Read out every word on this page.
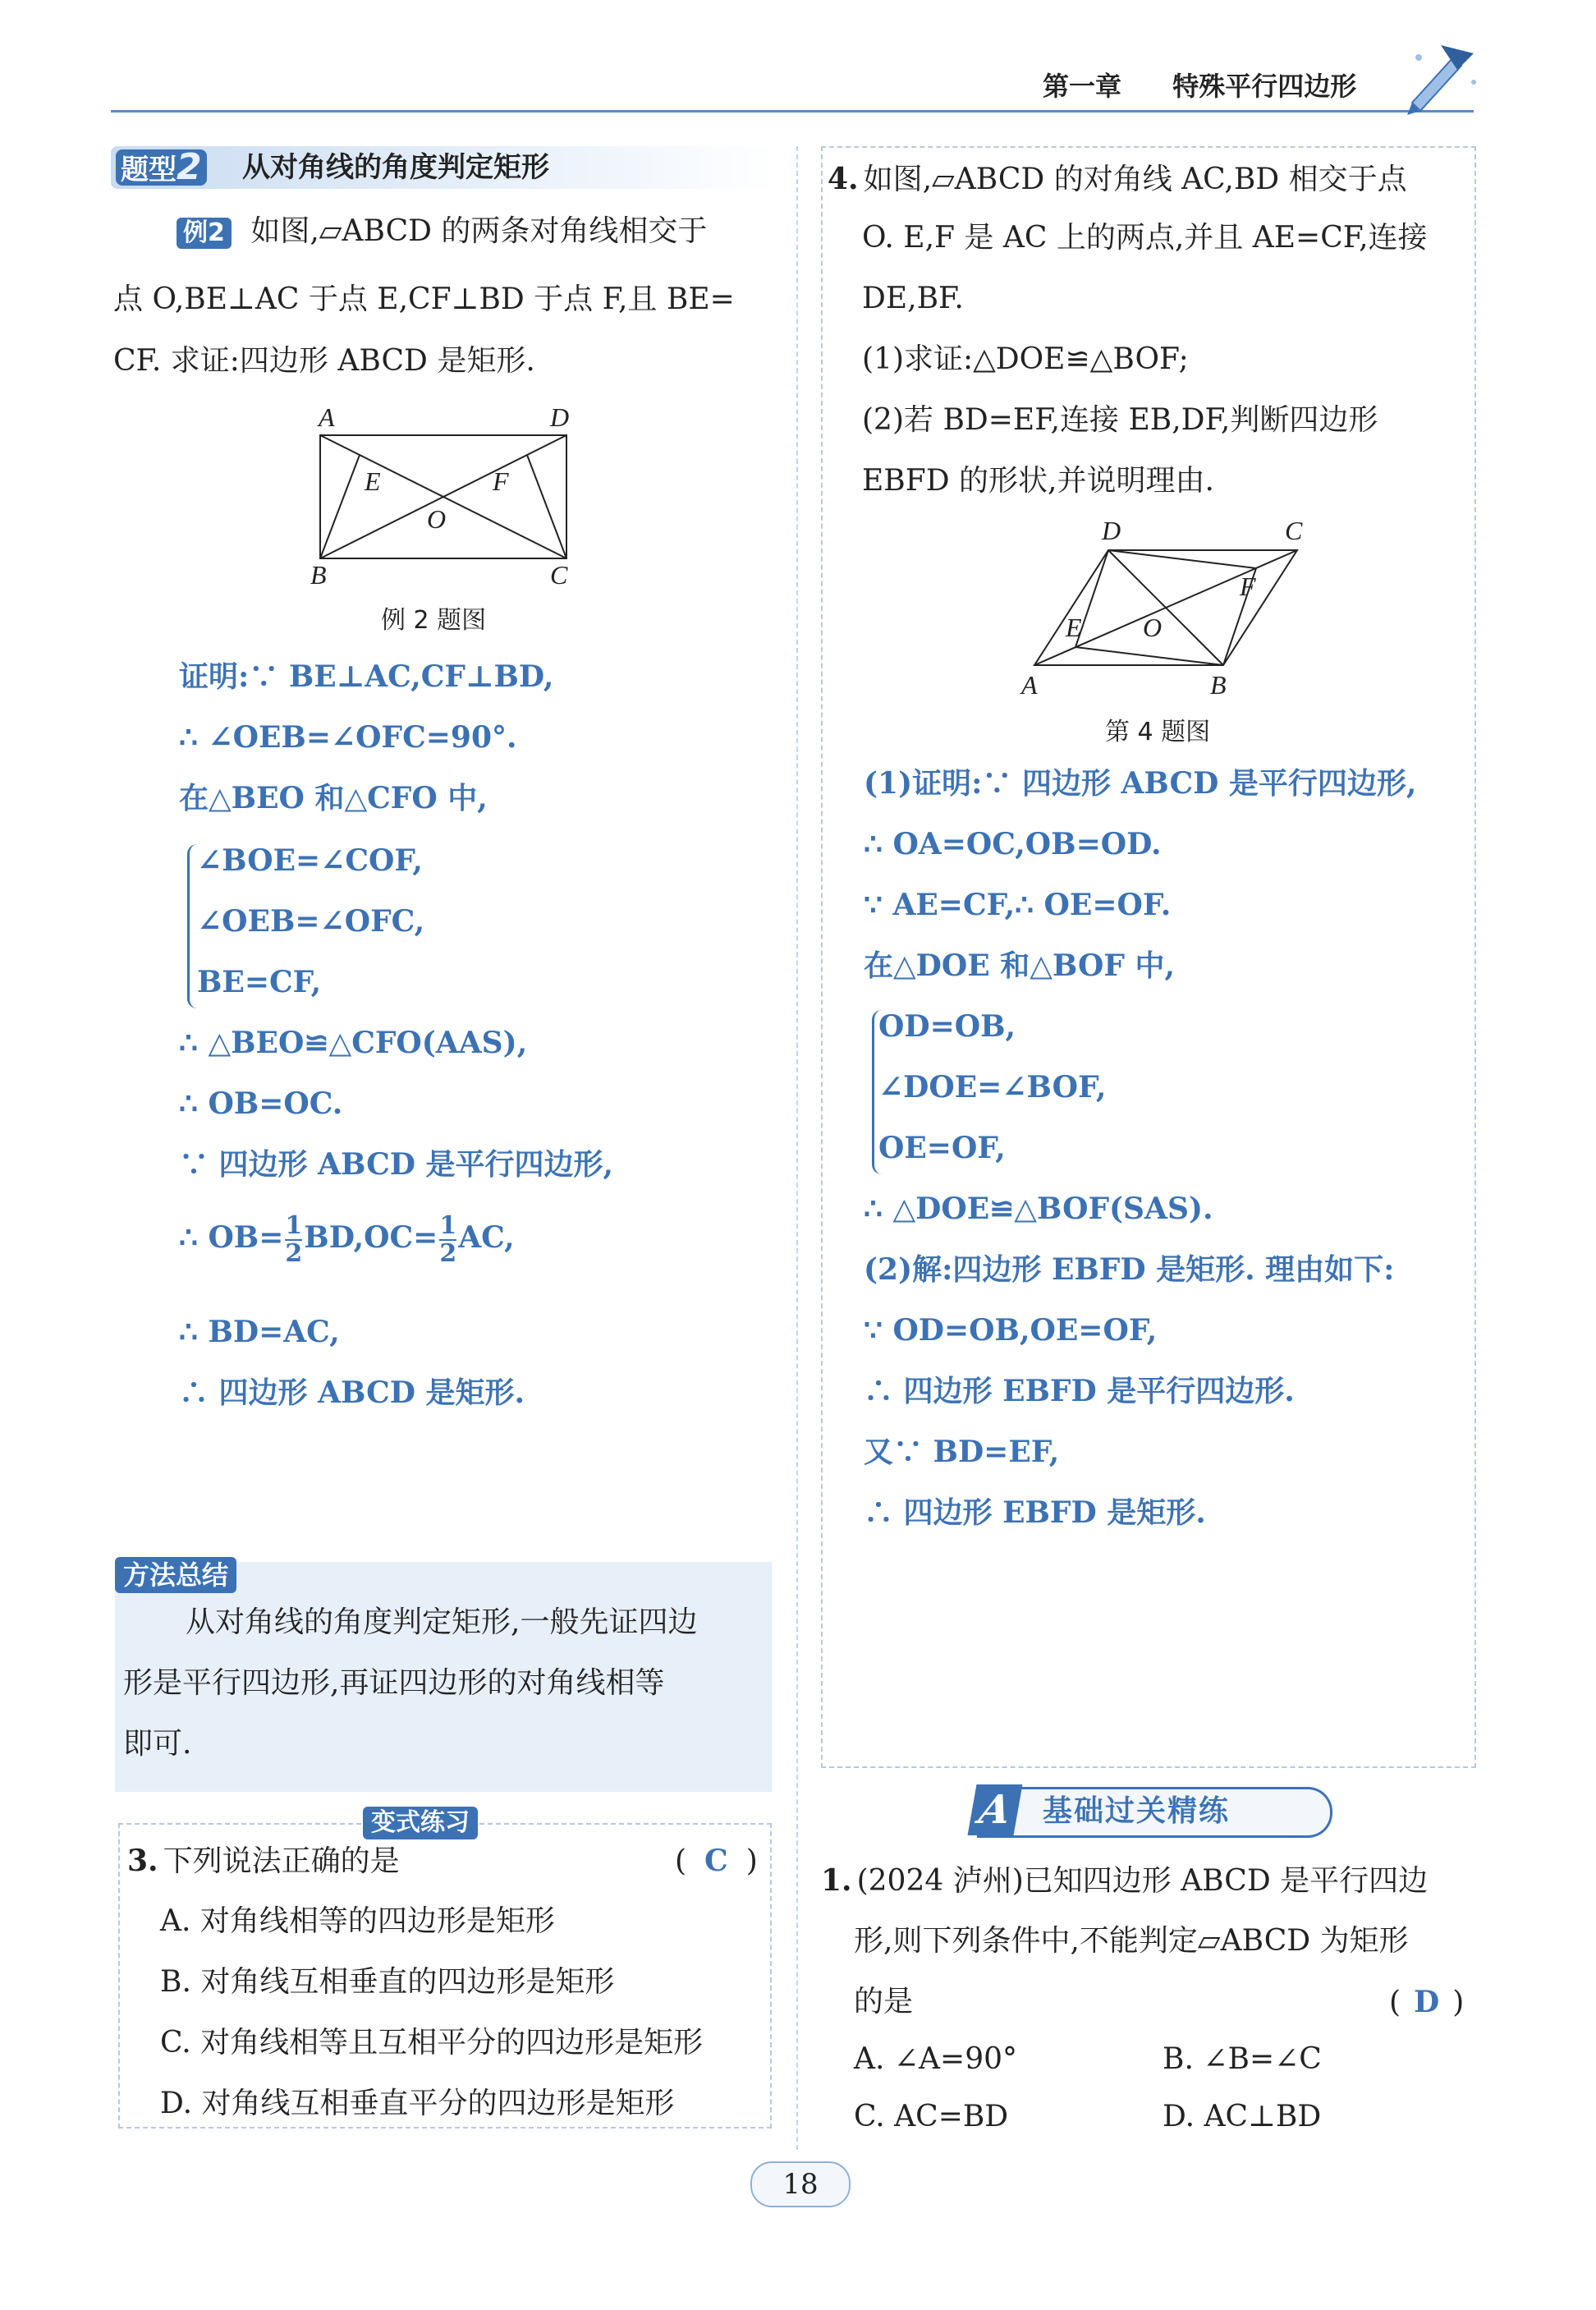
第一章 特殊平行四边形
题型2 从对角线的角度判定矩形
例2 如图,▱ABCD 的两条对角线相交于
点 O,BE⊥AC 于点 E,CF⊥BD 于点 F,且 BE=
CF. 求证:四边形 ABCD 是矩形.
A	D
B	C
E	F
O
例 2 题图
证明:∵ BE⊥AC,CF⊥BD,
∴ ∠OEB=∠OFC=90°.
在△BEO 和△CFO 中,
∠BOE=∠COF,
∠OEB=∠OFC,
BE=CF,
∴ △BEO≌△CFO(AAS),
∴ OB=OC.
∵ 四边形 ABCD 是平行四边形,
∴ $OB= \frac{1}{2} BD,OC= \frac{1}{2}$ AC,
∴ BD=AC,
∴ 四边形 ABCD 是矩形.
方法总结
从对角线的角度判定矩形,一般先证四边
形是平行四边形,再证四边形的对角线相等
即可.
变式练习
3. 下列说法正确的是	( C )
A. 对角线相等的四边形是矩形
B. 对角线互相垂直的四边形是矩形
C. 对角线相等且互相平分的四边形是矩形
D. 对角线互相垂直平分的四边形是矩形
4. 如图,▱ABCD 的对角线 AC,BD 相交于点
O. E,F 是 AC 上的两点,并且 AE=CF,连接
DE,BF.
(1)求证:△DOE≌△BOF;
(2)若 BD=EF,连接 EB,DF,判断四边形
EBFD 的形状,并说明理由.
D	C
F
E O
A	B
第 4 题图
(1)证明:∵ 四边形 ABCD 是平行四边形,
∴ OA=OC,OB=OD.
∵ AE=CF,∴ OE=OF.
在△DOE 和△BOF 中,
OD=OB,
∠DOE=∠BOF,
OE=OF,
∴ △DOE≌△BOF(SAS).
(2)解:四边形 EBFD 是矩形. 理由如下:
∵ OD=OB,OE=OF,
∴ 四边形 EBFD 是平行四边形.
又∵ BD=EF,
∴ 四边形 EBFD 是矩形.
A 基础过关精练
1. (2024 泸州)已知四边形 ABCD 是平行四边
形,则下列条件中,不能判定▱ABCD 为矩形
的是	( D )
A. ∠A=90°	B. ∠B=∠C
C. AC=BD	D. AC⊥BD
18
